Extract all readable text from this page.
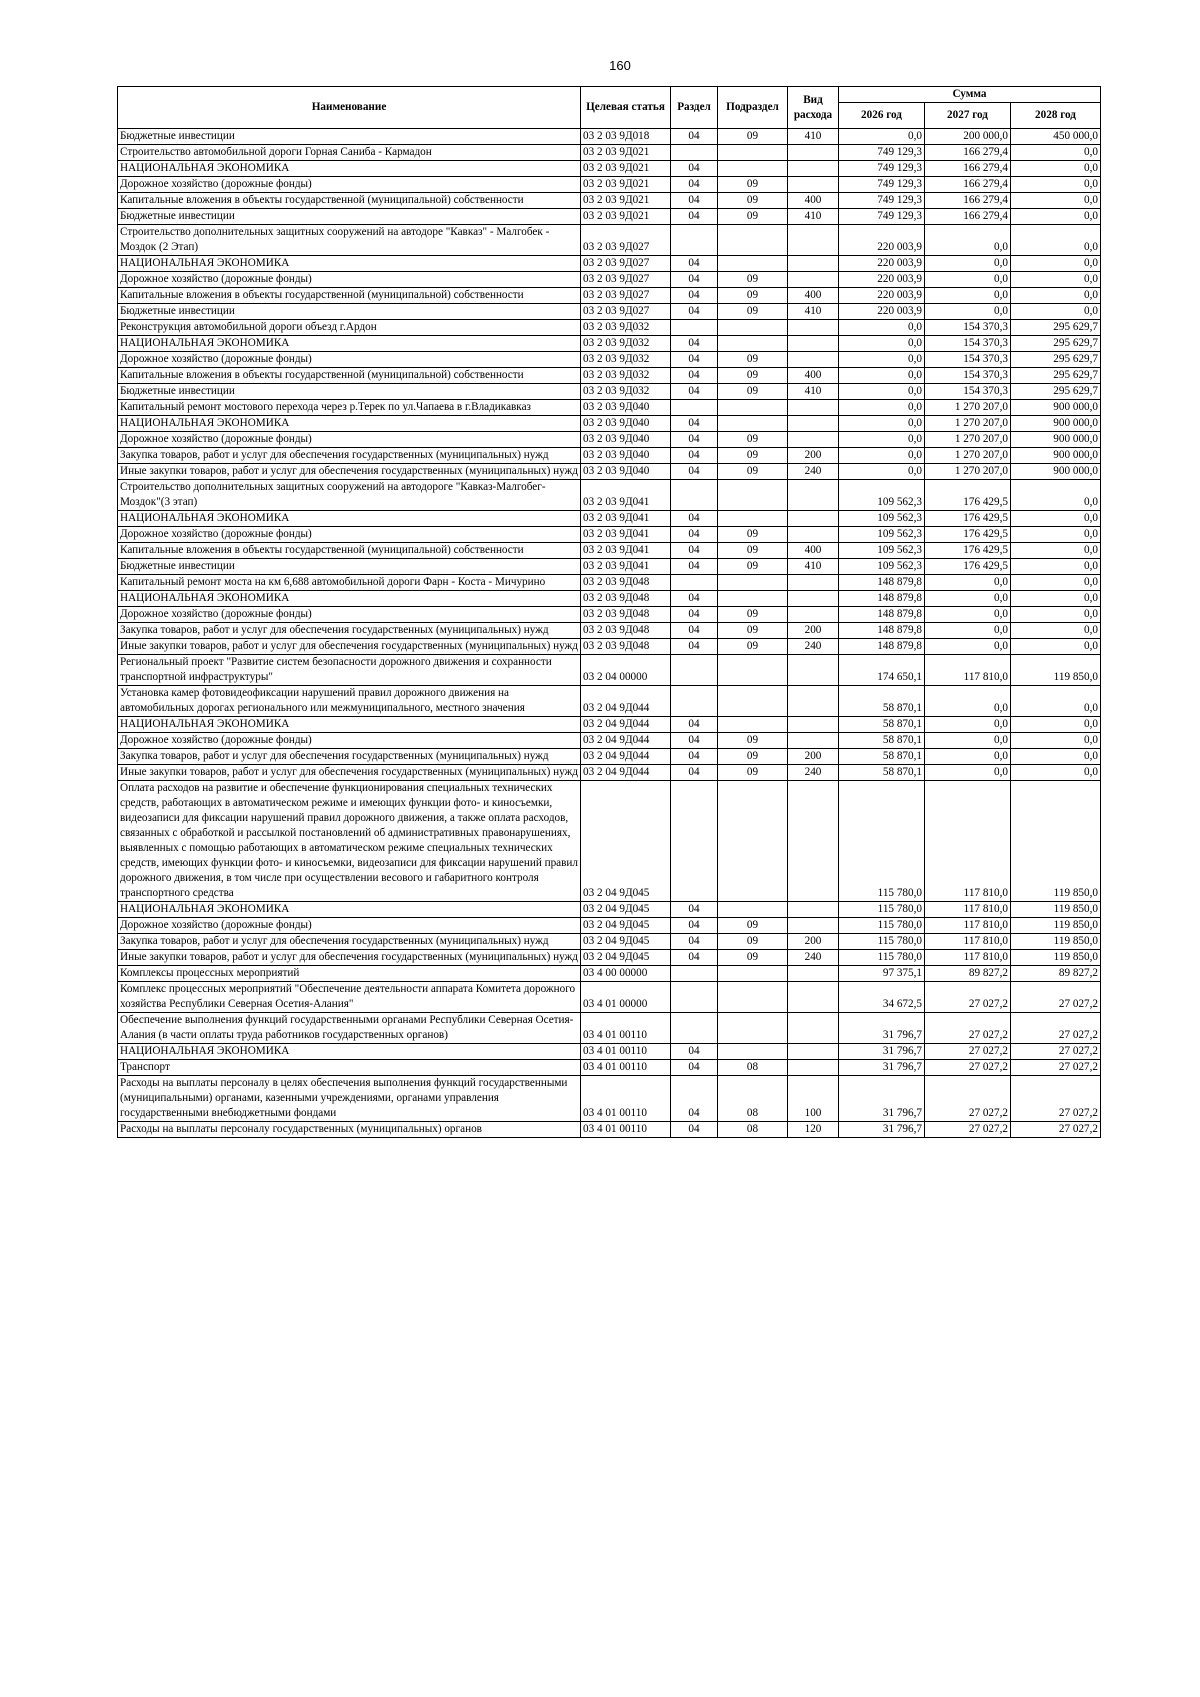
160
Наименование	Целевая статья	Раздел	Подраздел	Вид расхода	Сумма		
					2026 год	2027 год	2028 год
Бюджетные инвестиции	03 2 03 9Д018	04	09	410	0,0	200 000,0	450 000,0
Строительство автомобильной дороги Горная Саниба - Кармадон	03 2 03 9Д021				749 129,3	166 279,4	0,0
НАЦИОНАЛЬНАЯ ЭКОНОМИКА	03 2 03 9Д021	04			749 129,3	166 279,4	0,0
Дорожное хозяйство (дорожные фонды)	03 2 03 9Д021	04	09		749 129,3	166 279,4	0,0
Капитальные вложения в объекты государственной (муниципальной) собственности	03 2 03 9Д021	04	09	400	749 129,3	166 279,4	0,0
Бюджетные инвестиции	03 2 03 9Д021	04	09	410	749 129,3	166 279,4	0,0
Строительство дополнительных защитных сооружений на автодоре "Кавказ" - Малгобек - Моздок (2 Этап)	03 2 03 9Д027				220 003,9	0,0	0,0
НАЦИОНАЛЬНАЯ ЭКОНОМИКА	03 2 03 9Д027	04			220 003,9	0,0	0,0
Дорожное хозяйство (дорожные фонды)	03 2 03 9Д027	04	09		220 003,9	0,0	0,0
Капитальные вложения в объекты государственной (муниципальной) собственности	03 2 03 9Д027	04	09	400	220 003,9	0,0	0,0
Бюджетные инвестиции	03 2 03 9Д027	04	09	410	220 003,9	0,0	0,0
Реконструкция автомобильной дороги объезд г.Ардон	03 2 03 9Д032				0,0	154 370,3	295 629,7
НАЦИОНАЛЬНАЯ ЭКОНОМИКА	03 2 03 9Д032	04			0,0	154 370,3	295 629,7
Дорожное хозяйство (дорожные фонды)	03 2 03 9Д032	04	09		0,0	154 370,3	295 629,7
Капитальные вложения в объекты государственной (муниципальной) собственности	03 2 03 9Д032	04	09	400	0,0	154 370,3	295 629,7
Бюджетные инвестиции	03 2 03 9Д032	04	09	410	0,0	154 370,3	295 629,7
Капитальный ремонт мостового перехода через р.Терек по ул.Чапаева в г.Владикавказ	03 2 03 9Д040				0,0	1 270 207,0	900 000,0
НАЦИОНАЛЬНАЯ ЭКОНОМИКА	03 2 03 9Д040	04			0,0	1 270 207,0	900 000,0
Дорожное хозяйство (дорожные фонды)	03 2 03 9Д040	04	09		0,0	1 270 207,0	900 000,0
Закупка товаров, работ и услуг для обеспечения государственных (муниципальных) нужд	03 2 03 9Д040	04	09	200	0,0	1 270 207,0	900 000,0
Иные закупки товаров, работ и услуг для обеспечения государственных (муниципальных) нужд	03 2 03 9Д040	04	09	240	0,0	1 270 207,0	900 000,0
Строительство дополнительных защитных сооружений на автодороге "Кавказ-Малгобег-Моздок"(3 этап)	03 2 03 9Д041				109 562,3	176 429,5	0,0
НАЦИОНАЛЬНАЯ ЭКОНОМИКА	03 2 03 9Д041	04			109 562,3	176 429,5	0,0
Дорожное хозяйство (дорожные фонды)	03 2 03 9Д041	04	09		109 562,3	176 429,5	0,0
Капитальные вложения в объекты государственной (муниципальной) собственности	03 2 03 9Д041	04	09	400	109 562,3	176 429,5	0,0
Бюджетные инвестиции	03 2 03 9Д041	04	09	410	109 562,3	176 429,5	0,0
Капитальный ремонт моста на км 6,688 автомобильной дороги Фарн - Коста - Мичурино	03 2 03 9Д048				148 879,8	0,0	0,0
НАЦИОНАЛЬНАЯ ЭКОНОМИКА	03 2 03 9Д048	04			148 879,8	0,0	0,0
Дорожное хозяйство (дорожные фонды)	03 2 03 9Д048	04	09		148 879,8	0,0	0,0
Закупка товаров, работ и услуг для обеспечения государственных (муниципальных) нужд	03 2 03 9Д048	04	09	200	148 879,8	0,0	0,0
Иные закупки товаров, работ и услуг для обеспечения государственных (муниципальных) нужд	03 2 03 9Д048	04	09	240	148 879,8	0,0	0,0
Региональный проект "Развитие систем безопасности дорожного движения и сохранности транспортной инфраструктуры"	03 2 04 00000				174 650,1	117 810,0	119 850,0
Установка камер фотовидеофиксации нарушений правил дорожного движения на автомобильных дорогах регионального или межмуниципального, местного значения	03 2 04 9Д044				58 870,1	0,0	0,0
НАЦИОНАЛЬНАЯ ЭКОНОМИКА	03 2 04 9Д044	04			58 870,1	0,0	0,0
Дорожное хозяйство (дорожные фонды)	03 2 04 9Д044	04	09		58 870,1	0,0	0,0
Закупка товаров, работ и услуг для обеспечения государственных (муниципальных) нужд	03 2 04 9Д044	04	09	200	58 870,1	0,0	0,0
Иные закупки товаров, работ и услуг для обеспечения государственных (муниципальных) нужд	03 2 04 9Д044	04	09	240	58 870,1	0,0	0,0
Оплата расходов на развитие и обеспечение функционирования специальных технических средств, работающих в автоматическом режиме и имеющих функции фото- и киносъемки, видеозаписи для фиксации нарушений правил дорожного движения, а также оплата расходов, связанных с обработкой и рассылкой постановлений об административных правонарушениях, выявленных с помощью работающих в автоматическом режиме специальных технических средств, имеющих функции фото- и киносъемки, видеозаписи для фиксации нарушений правил дорожного движения, в том числе при осуществлении весового и габаритного контроля транспортного средства	03 2 04 9Д045				115 780,0	117 810,0	119 850,0
НАЦИОНАЛЬНАЯ ЭКОНОМИКА	03 2 04 9Д045	04			115 780,0	117 810,0	119 850,0
Дорожное хозяйство (дорожные фонды)	03 2 04 9Д045	04	09		115 780,0	117 810,0	119 850,0
Закупка товаров, работ и услуг для обеспечения государственных (муниципальных) нужд	03 2 04 9Д045	04	09	200	115 780,0	117 810,0	119 850,0
Иные закупки товаров, работ и услуг для обеспечения государственных (муниципальных) нужд	03 2 04 9Д045	04	09	240	115 780,0	117 810,0	119 850,0
Комплексы процессных мероприятий	03 4 00 00000				97 375,1	89 827,2	89 827,2
Комплекс процессных мероприятий "Обеспечение деятельности аппарата Комитета дорожного хозяйства Республики Северная Осетия-Алания"	03 4 01 00000				34 672,5	27 027,2	27 027,2
Обеспечение выполнения функций государственными органами Республики Северная Осетия-Алания (в части оплаты труда работников государственных органов)	03 4 01 00110				31 796,7	27 027,2	27 027,2
НАЦИОНАЛЬНАЯ ЭКОНОМИКА	03 4 01 00110	04			31 796,7	27 027,2	27 027,2
Транспорт	03 4 01 00110	04	08		31 796,7	27 027,2	27 027,2
Расходы на выплаты персоналу в целях обеспечения выполнения функций государственными (муниципальными) органами, казенными учреждениями, органами управления государственными внебюджетными фондами	03 4 01 00110	04	08	100	31 796,7	27 027,2	27 027,2
Расходы на выплаты персоналу государственных (муниципальных) органов	03 4 01 00110	04	08	120	31 796,7	27 027,2	27 027,2
